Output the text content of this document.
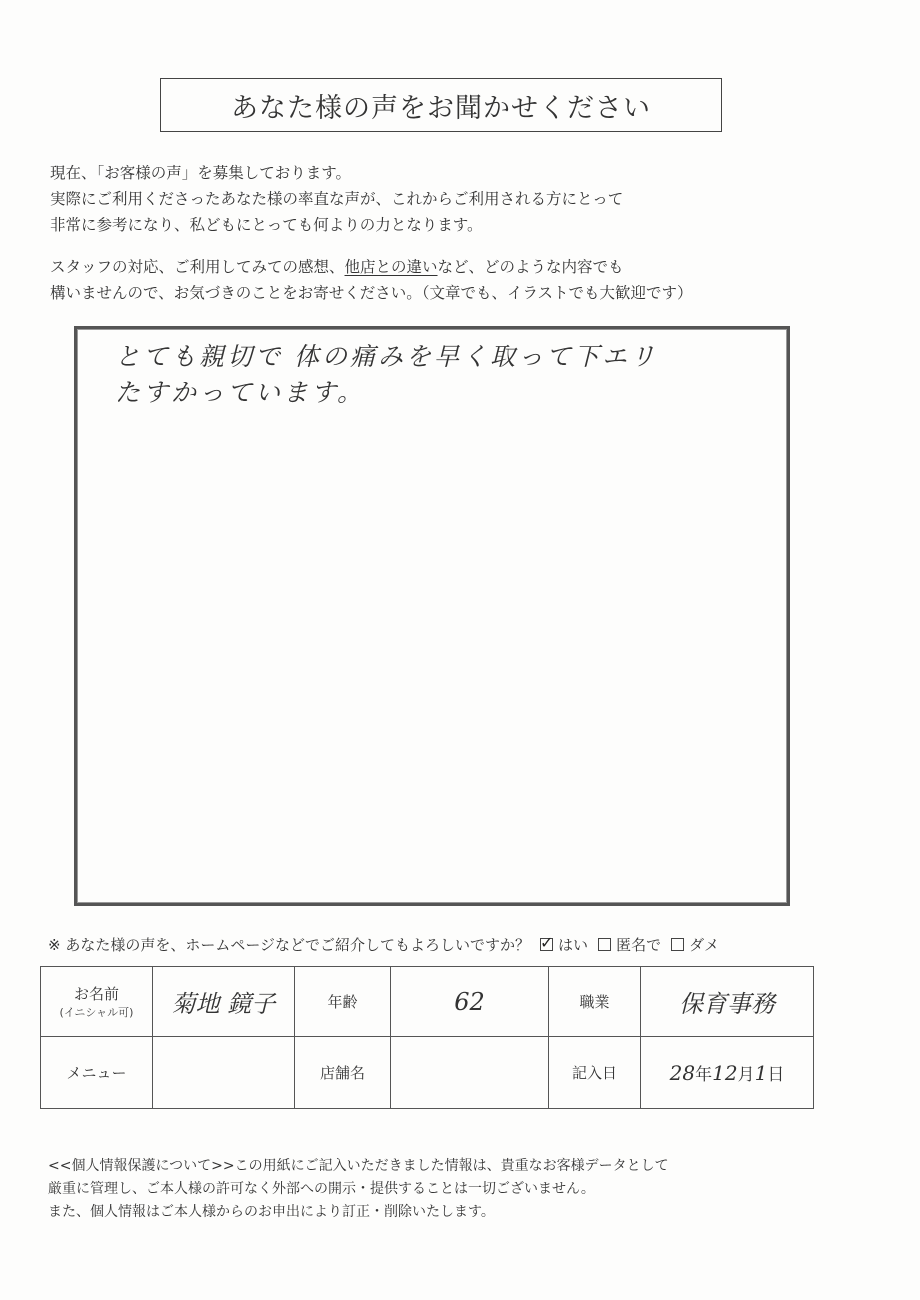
あなた様の声をお聞かせください

現在、「お客様の声」を募集しております。

実際にご利用くださったあなた様の率直な声が、これからご利用される方にとって

非常に参考になり、私どもにとっても何よりの力となります。

スタッフの対応、ご利用してみての感想、他店との違いなど、どのような内容でも

構いませんので、お気づきのことをお寄せください。（文章でも、イラストでも大歓迎です）

とても親切で 体の痛みを早く取って下エリ
たすかっています。
※ あなた様の声を、ホームページなどでご紹介してもよろしいですか？ ✓ はい 匿名で ダメ
お名前
(イニシャル可)	菊地 鏡子	年齢	62	職業	保育事務
メニュー		店舗名		記入日	28年12月1日

<<個人情報保護について>>この用紙にご記入いただきました情報は、貴重なお客様データとして

厳重に管理し、ご本人様の許可なく外部への開示・提供することは一切ございません。

また、個人情報はご本人様からのお申出により訂正・削除いたします。
